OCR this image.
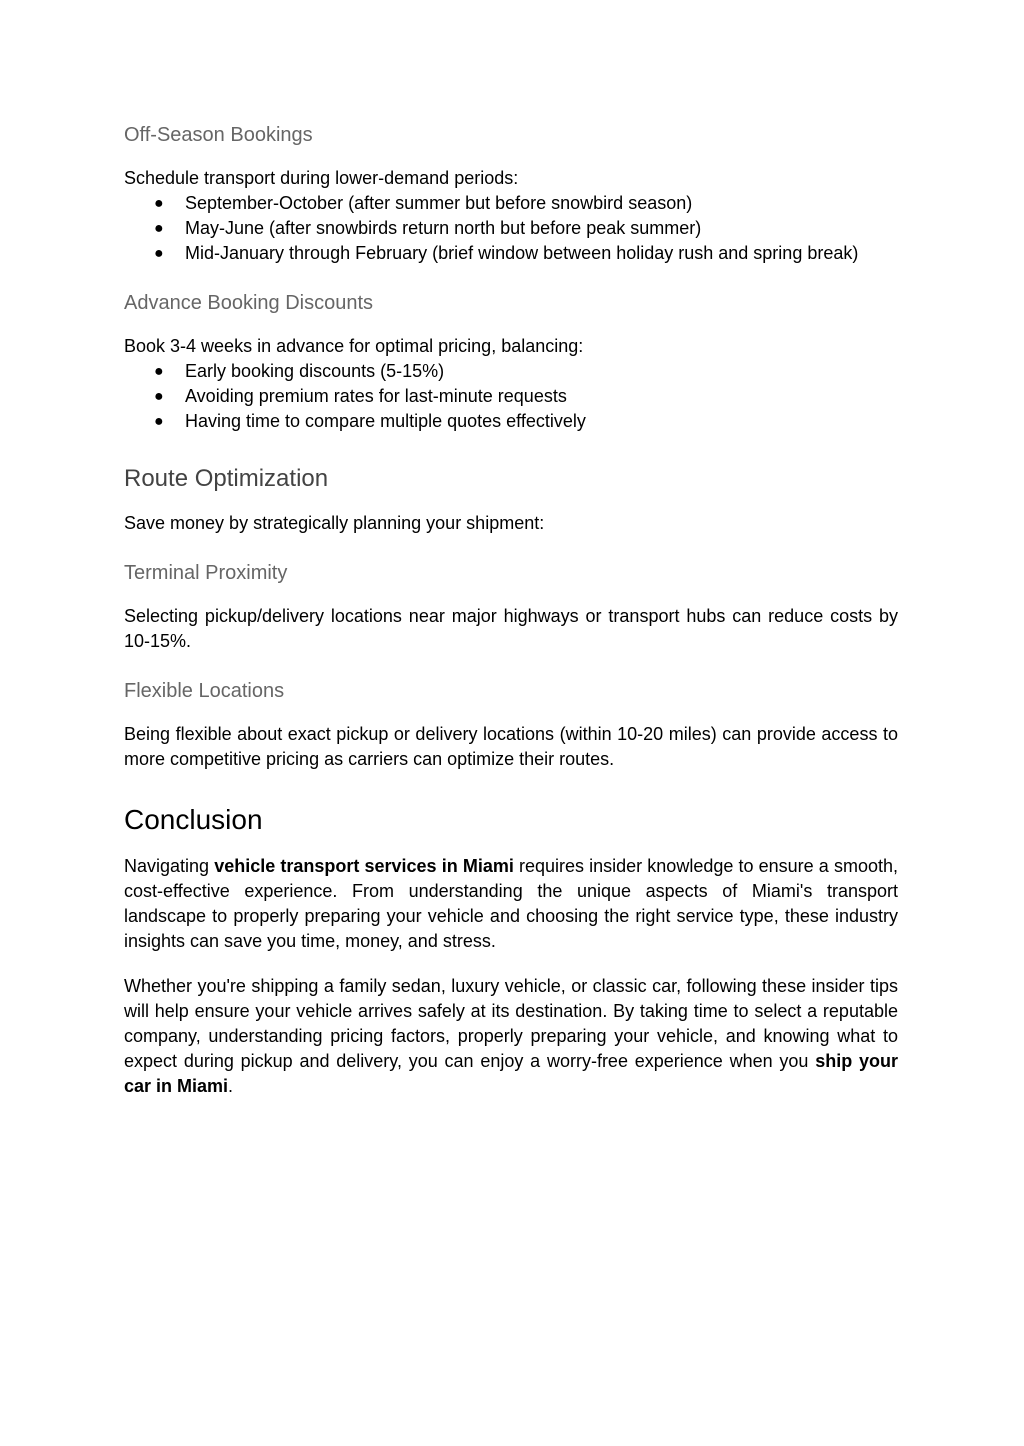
Off-Season Bookings

Schedule transport during lower-demand periods:

● September-October (after summer but before snowbird season)
● May-June (after snowbirds return north but before peak summer)
● Mid-January through February (brief window between holiday rush and spring break)
Advance Booking Discounts

Book 3-4 weeks in advance for optimal pricing, balancing:

● Early booking discounts (5-15%)
● Avoiding premium rates for last-minute requests
● Having time to compare multiple quotes effectively
Route Optimization

Save money by strategically planning your shipment:

Terminal Proximity

Selecting pickup/delivery locations near major highways or transport hubs can reduce costs by 10-15%.

Flexible Locations

Being flexible about exact pickup or delivery locations (within 10-20 miles) can provide access to more competitive pricing as carriers can optimize their routes.

Conclusion

Navigating vehicle transport services in Miami requires insider knowledge to ensure a smooth, cost-effective experience. From understanding the unique aspects of Miami's transport landscape to properly preparing your vehicle and choosing the right service type, these industry insights can save you time, money, and stress.

Whether you're shipping a family sedan, luxury vehicle, or classic car, following these insider tips will help ensure your vehicle arrives safely at its destination. By taking time to select a reputable company, understanding pricing factors, properly preparing your vehicle, and knowing what to expect during pickup and delivery, you can enjoy a worry-free experience when you ship your car in Miami.
